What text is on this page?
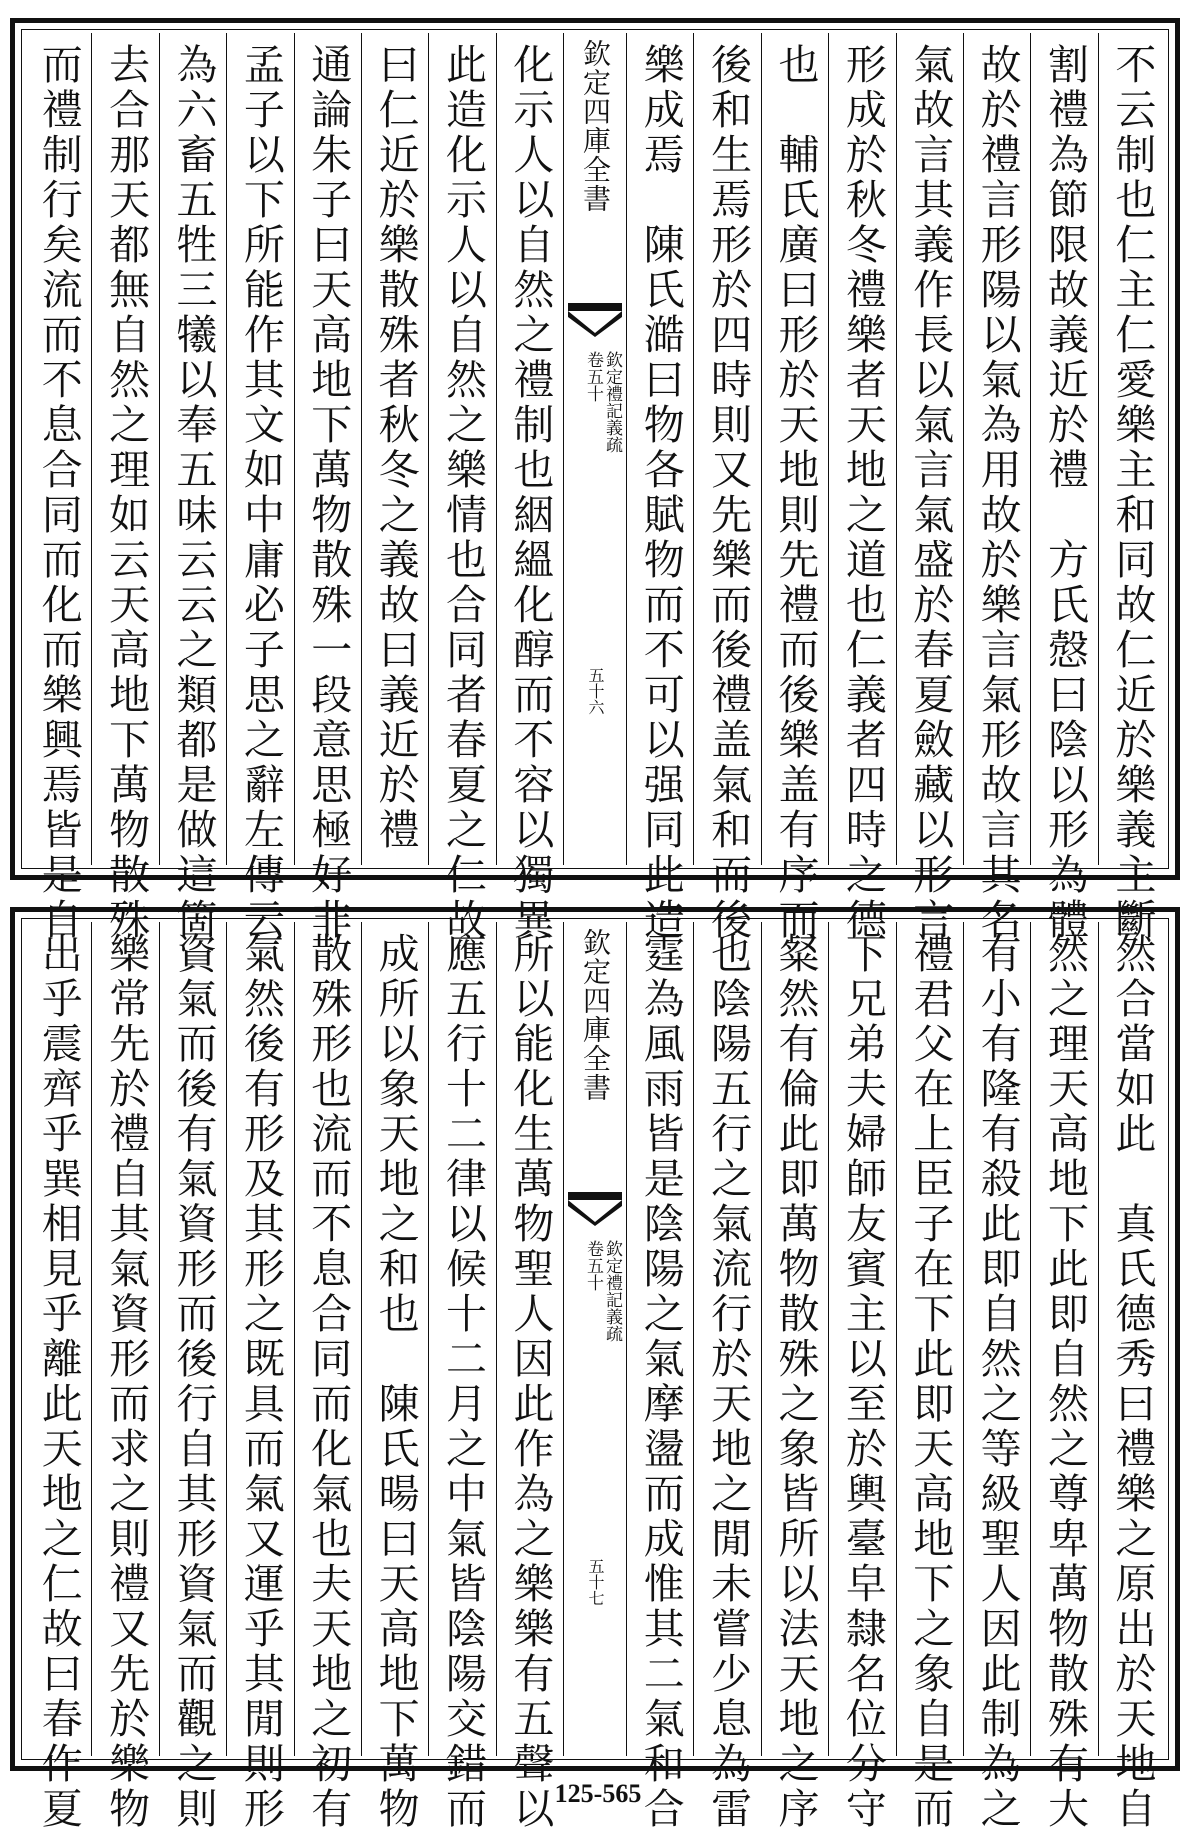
不云制也仁主仁愛樂主和同故仁近於樂義主斷
割禮為節限故義近於禮　方氏慤曰陰以形為體
故於禮言形陽以氣為用故於樂言氣形故言其名
氣故言其義作長以氣言氣盛於春夏斂藏以形言
形成於秋冬禮樂者天地之道也仁義者四時之德
也　輔氏廣曰形於天地則先禮而後樂盖有序而
後和生焉形於四時則又先樂而後禮盖氣和而後
樂成焉　陳氏澔曰物各賦物而不可以强同此造
欽定四庫全書
欽定禮記義疏
卷五十
五十六
化示人以自然之禮制也絪縕化醇而不容以獨異
此造化示人以自然之樂情也合同者春夏之仁故
曰仁近於樂散殊者秋冬之義故曰義近於禮
通論朱子曰天高地下萬物散殊一段意思極好非
孟子以下所能作其文如中庸必子思之辭左傳云
為六畜五牲三犧以奉五味云云之類都是做這箇
去合那天都無自然之理如云天高地下萬物散殊
而禮制行矣流而不息合同而化而樂興焉皆是自
然合當如此　真氏德秀曰禮樂之原出於天地自
然之理天高地下此即自然之尊卑萬物散殊有大
有小有隆有殺此即自然之等級聖人因此制為之
禮君父在上臣子在下此即天高地下之象自是而
下兄弟夫婦師友賓主以至於輿臺皁隸名位分守
粲然有倫此即萬物散殊之象皆所以法天地之序
也陰陽五行之氣流行於天地之閒未嘗少息為雷
霆為風雨皆是陰陽之氣摩盪而成惟其二氣和合
欽定四庫全書
欽定禮記義疏
卷五十
五十七
所以能化生萬物聖人因此作為之樂樂有五聲以
應五行十二律以候十二月之中氣皆陰陽交錯而
成所以象天地之和也　陳氏暘曰天高地下萬物
散殊形也流而不息合同而化氣也夫天地之初有
氣然後有形及其形之既具而氣又運乎其閒則形
資氣而後有氣資形而後行自其形資氣而觀之則
樂常先於禮自其氣資形而求之則禮又先於樂物
出乎震齊乎巽相見乎離此天地之仁故曰春作夏	125-565
